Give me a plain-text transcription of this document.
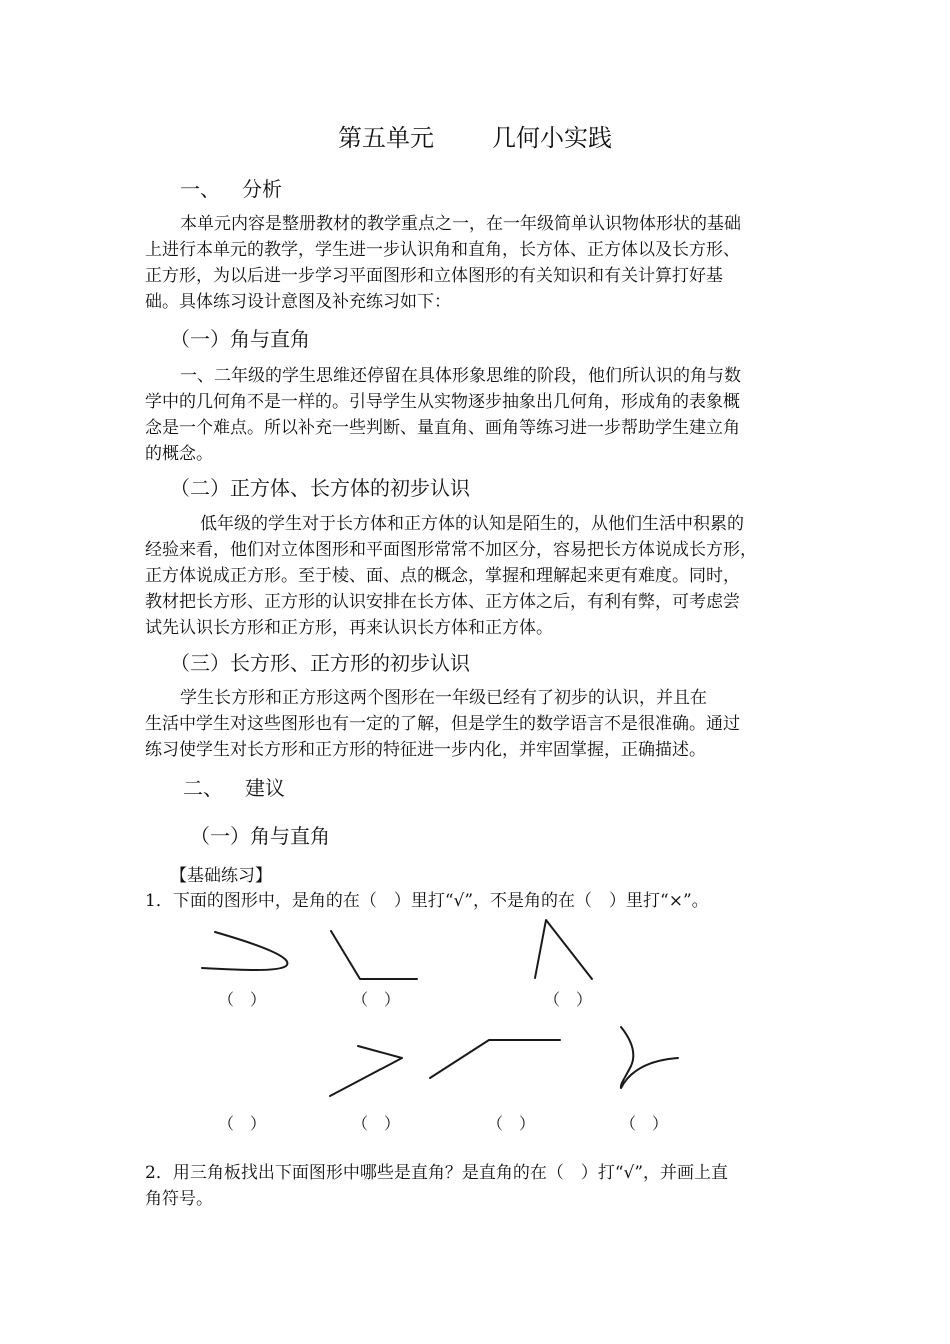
第五单元 几何小实践
一、 分析
本单元内容是整册教材的教学重点之一，在一年级简单认识物体形状的基础
上进行本单元的教学，学生进一步认识角和直角，长方体、正方体以及长方形、
正方形，为以后进一步学习平面图形和立体图形的有关知识和有关计算打好基
础。具体练习设计意图及补充练习如下：
（一）角与直角
一、二年级的学生思维还停留在具体形象思维的阶段，他们所认识的角与数
学中的几何角不是一样的。引导学生从实物逐步抽象出几何角，形成角的表象概
念是一个难点。所以补充一些判断、量直角、画角等练习进一步帮助学生建立角
的概念。
（二）正方体、长方体的初步认识
低年级的学生对于长方体和正方体的认知是陌生的，从他们生活中积累的
经验来看，他们对立体图形和平面图形常常不加区分，容易把长方体说成长方形，
正方体说成正方形。至于棱、面、点的概念，掌握和理解起来更有难度。同时，
教材把长方形、正方形的认识安排在长方体、正方体之后，有利有弊，可考虑尝
试先认识长方形和正方形，再来认识长方体和正方体。
（三）长方形、正方形的初步认识
学生长方形和正方形这两个图形在一年级已经有了初步的认识，并且在
生活中学生对这些图形也有一定的了解，但是学生的数学语言不是很准确。通过
练习使学生对长方形和正方形的特征进一步内化，并牢固掌握，正确描述。
二、 建议
（一）角与直角
【基础练习】
1．下面的图形中，是角的在（　）里打“√”，不是角的在（　）里打“×”。
（　）	（　）	（　）
（　）	（　）	（　）	（　）
2．用三角板找出下面图形中哪些是直角？是直角的在（　）打“√”，并画上直
角符号。
